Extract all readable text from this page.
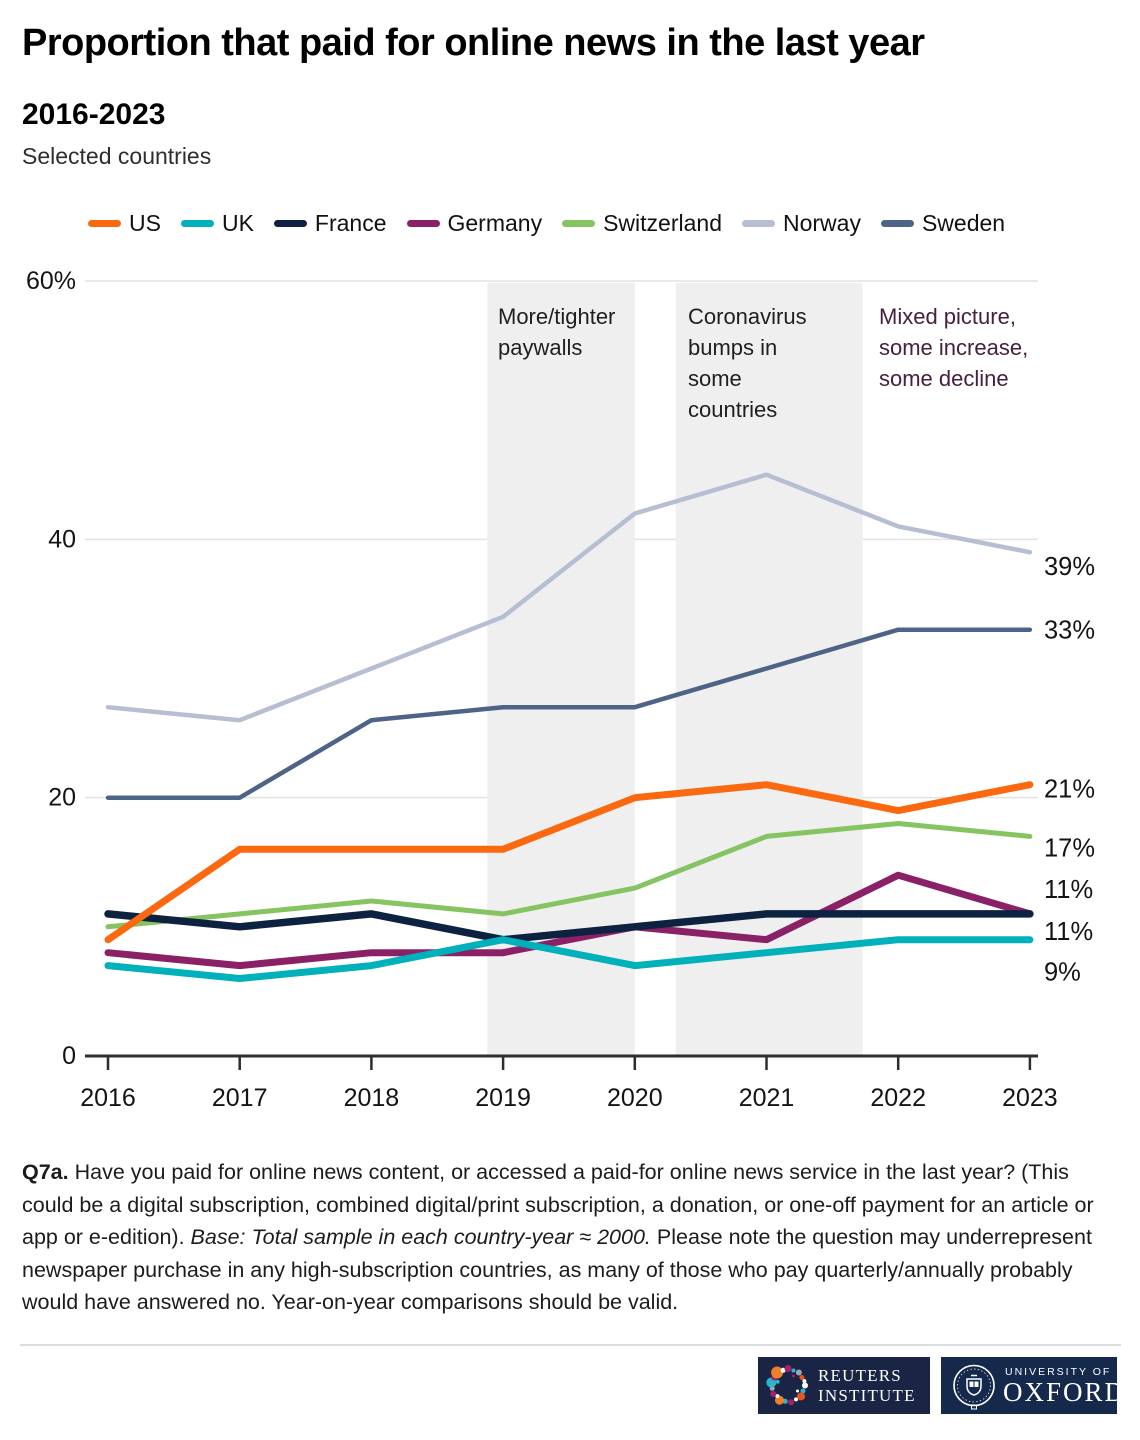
Proportion that paid for online news in the last year
2016-2023
Selected countries
US	UK	France	Germany	Switzerland	Norway	Sweden
60%
40
20
0
2016	2017	2018	2019	2020	2021	2022	2023
21%
9%
11%
11%
17%
39%
33%
More/tighter paywalls
Coronavirus bumps in some countries
Mixed picture, some increase, some decline
Q7a. Have you paid for online news content, or accessed a paid-for online news service in the last year? (This could be a digital subscription, combined digital/print subscription, a donation, or one-off payment for an article or app or e-edition). Base: Total sample in each country-year ≈ 2000. Please note the question may underrepresent newspaper purchase in any high-subscription countries, as many of those who pay quarterly/annually probably would have answered no. Year-on-year comparisons should be valid.
REUTERS
INSTITUTE
UNIVERSITY OF
OXFORD
